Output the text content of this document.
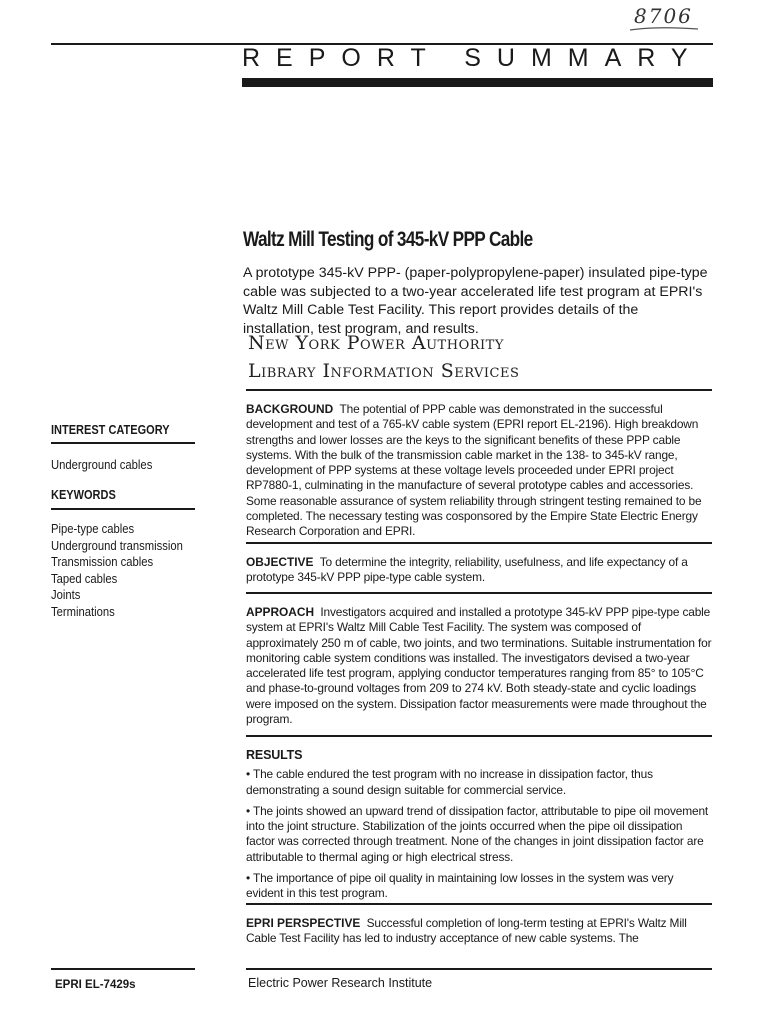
8706
REPORT SUMMARY
Waltz Mill Testing of 345-kV PPP Cable

A prototype 345-kV PPP- (paper-polypropylene-paper) insulated pipe-type cable was subjected to a two-year accelerated life test program at EPRI's Waltz Mill Cable Test Facility. This report provides details of the installation, test program, and results.

New York Power Authority
Library Information Services
INTEREST CATEGORY
Underground cables
KEYWORDS
Pipe-type cables
Underground transmission
Transmission cables
Taped cables
Joints
Terminations

BACKGROUND The potential of PPP cable was demonstrated in the successful development and test of a 765-kV cable system (EPRI report EL-2196). High breakdown strengths and lower losses are the keys to the significant benefits of these PPP cable systems. With the bulk of the transmission cable market in the 138- to 345-kV range, development of PPP systems at these voltage levels proceeded under EPRI project RP7880-1, culminating in the manufacture of several prototype cables and accessories. Some reasonable assurance of system reliability through stringent testing remained to be completed. The necessary testing was cosponsored by the Empire State Electric Energy Research Corporation and EPRI.

OBJECTIVE To determine the integrity, reliability, usefulness, and life expectancy of a prototype 345-kV PPP pipe-type cable system.

APPROACH Investigators acquired and installed a prototype 345-kV PPP pipe-type cable system at EPRI's Waltz Mill Cable Test Facility. The system was composed of approximately 250 m of cable, two joints, and two terminations. Suitable instrumentation for monitoring cable system conditions was installed. The investigators devised a two-year accelerated life test program, applying conductor temperatures ranging from 85° to 105°C and phase-to-ground voltages from 209 to 274 kV. Both steady-state and cyclic loadings were imposed on the system. Dissipation factor measurements were made throughout the program.

RESULTS

• The cable endured the test program with no increase in dissipation factor, thus demonstrating a sound design suitable for commercial service.

• The joints showed an upward trend of dissipation factor, attributable to pipe oil movement into the joint structure. Stabilization of the joints occurred when the pipe oil dissipation factor was corrected through treatment. None of the changes in joint dissipation factor are attributable to thermal aging or high electrical stress.

• The importance of pipe oil quality in maintaining low losses in the system was very evident in this test program.

EPRI PERSPECTIVE Successful completion of long-term testing at EPRI's Waltz Mill Cable Test Facility has led to industry acceptance of new cable systems. The

EPRI EL-7429s	Electric Power Research Institute
